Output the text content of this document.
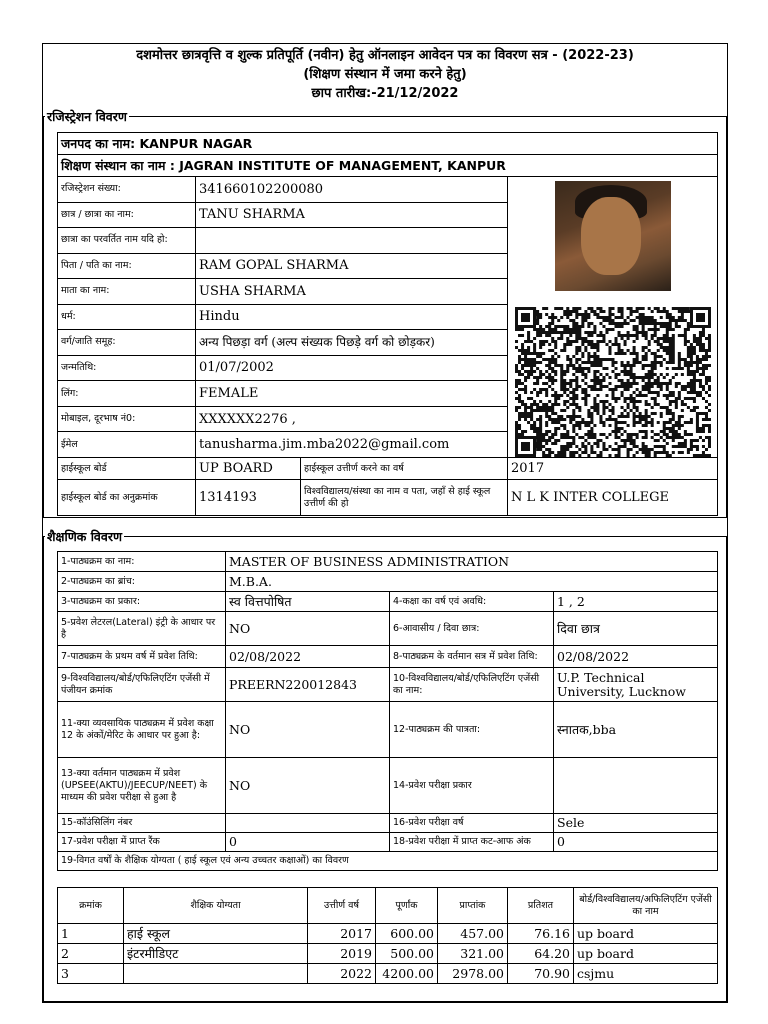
दशमोत्तर छात्रवृत्ति व शुल्क प्रतिपूर्ति (नवीन) हेतु ऑनलाइन आवेदन पत्र का विवरण सत्र - (2022-23)
(शिक्षण संस्थान में जमा करने हेतु)
छाप तारीख:-21/12/2022
रजिस्ट्रेशन विवरण
जनपद का नाम: KANPUR NAGAR			
शिक्षण संस्थान का नाम : JAGRAN INSTITUTE OF MANAGEMENT, KANPUR			
रजिस्ट्रेशन संख्या:	341660102200080	

छात्र / छात्रा का नाम:	TANU SHARMA		
छात्रा का परवर्तित नाम यदि हो:			
पिता / पति का नाम:	RAM GOPAL SHARMA		
माता का नाम:	USHA SHARMA		
धर्म:	Hindu		
वर्ग/जाति समूह:	अन्य पिछड़ा वर्ग (अल्प संख्यक पिछड़े वर्ग को छोड़कर)		
जन्मतिथि:	01/07/2002		
लिंग:	FEMALE		
मोबाइल, दूरभाष नं0:	XXXXXX2276 ,		
ईमेल	tanusharma.jim.mba2022@gmail.com		
हाईस्कूल बोर्ड	UP BOARD	हाईस्कूल उत्तीर्ण करने का वर्ष	2017
हाईस्कूल बोर्ड का अनुक्रमांक	1314193	विश्वविद्यालय/संस्था का नाम व पता, जहाँ से हाई स्कूल उत्तीर्ण की हो	N L K INTER COLLEGE
शैक्षणिक विवरण
1-पाठ्यक्रम का नाम:	MASTER OF BUSINESS ADMINISTRATION		
2-पाठ्यक्रम का ब्रांच:	M.B.A.		
3-पाठ्यक्रम का प्रकार:	स्व वित्तपोषित	4-कक्षा का वर्ष एवं अवधि:	1 , 2
5-प्रवेश लेटरल(Lateral) इंट्री के आधार पर है	NO	6-आवासीय / दिवा छात्र:	दिवा छात्र
7-पाठ्यक्रम के प्रथम वर्ष में प्रवेश तिथि:	02/08/2022	8-पाठ्यक्रम के वर्तमान सत्र में प्रवेश तिथि:	02/08/2022
9-विश्वविद्यालय/बोर्ड/एफिलिएटिंग एजेंसी में पंजीयन क्रमांक	PREERN220012843	10-विश्वविद्यालय/बोर्ड/एफिलिएटिंग एजेंसी का नाम:	U.P. Technical University, Lucknow
11-क्या व्यवसायिक पाठ्यक्रम में प्रवेश कक्षा 12 के अंकों/मेरिट के आधार पर हुआ है:	NO	12-पाठ्यक्रम की पात्रता:	स्नातक,bba
13-क्या वर्तमान पाठ्यक्रम में प्रवेश (UPSEE(AKTU)/JEECUP/NEET) के माध्यम की प्रवेश परीक्षा से हुआ है	NO	14-प्रवेश परीक्षा प्रकार	
15-कॉउंसिलिंग नंबर		16-प्रवेश परीक्षा वर्ष	Sele
17-प्रवेश परीक्षा में प्राप्त रैंक	0	18-प्रवेश परीक्षा में प्राप्त कट-आफ अंक	0
19-विगत वर्षों के शैक्षिक योग्यता ( हाई स्कूल एवं अन्य उच्चतर कक्षाओं) का विवरण			
क्रमांक	शैक्षिक योग्यता	उत्तीर्ण वर्ष	पूर्णांक	प्राप्तांक	प्रतिशत	बोर्ड/विश्वविद्यालय/अफिलिएटिंग एजेंसी का नाम
1	हाई स्कूल	2017	600.00	457.00	76.16	up board
2	इंटरमीडिएट	2019	500.00	321.00	64.20	up board
3		2022	4200.00	2978.00	70.90	csjmu
